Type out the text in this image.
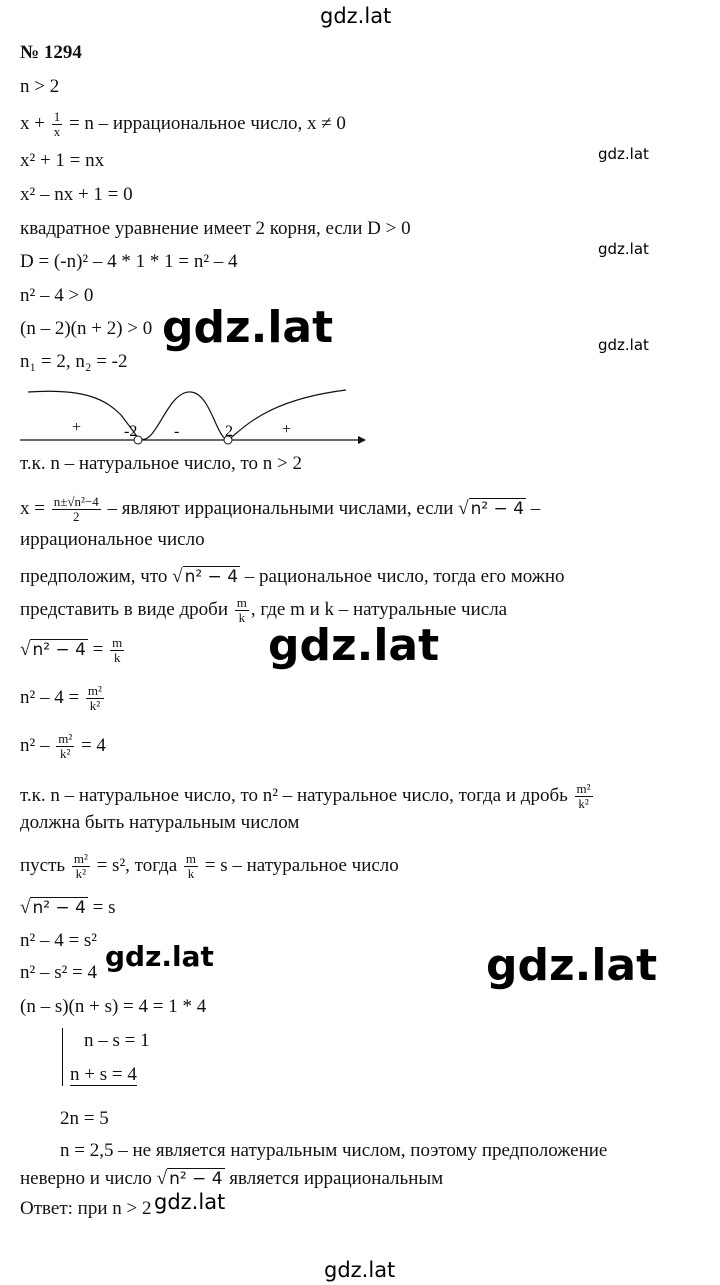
gdz.lat
gdz.lat
gdz.lat
gdz.lat
gdz.lat
gdz.lat
gdz.lat	gdz.lat
gdz.lat
gdz.lat
№ 1294
n > 2
$x + \frac{1}{x} = n$ – иррациональное число, x ≠ 0
x² + 1 = nx
x² – nx + 1 = 0
квадратное уравнение имеет 2 корня, если D > 0
D = (-n)² – 4 * 1 * 1 = n² – 4
n² – 4 > 0
(n – 2)(n + 2) > 0
n₁ = 2, n₂ = -2
+	-	+
-2	2
т.к. n – натуральное число, то n > 2
$x = \frac{\text{n±√n²−4}}{2}$ – являют иррациональными числами, если √ n² − 4 –
иррациональное число
предположим, что √ n² − 4 – рациональное число, тогда его можно
представить в виде дроби $\frac{m}{k}$ , где m и k – натуральные числа
√ $n^2 - 4 = \frac{m}{k}$
$n^2 - 4 = \frac{\text{m²}}{\text{k²}}$
$n^2 - \frac{\text{m²}}{\text{k²}} = 4$
т.к. n – натуральное число, то n² – натуральное число, тогда и дробь $\frac{\text{m²}}{\text{k²}}$
должна быть натуральным числом
пусть $\frac{\text{m²}}{\text{k²}} = s^2$, тогда $\frac{m}{k} = s$ – натуральное число
√ n² − 4 = s
n² – 4 = s²
n² – s² = 4
(n – s)(n + s) = 4 = 1 * 4
n – s = 1
n + s = 4
2n = 5
n = 2,5 – не является натуральным числом, поэтому предположение
неверно и число √ n² − 4 является иррациональным
Ответ: при n > 2
